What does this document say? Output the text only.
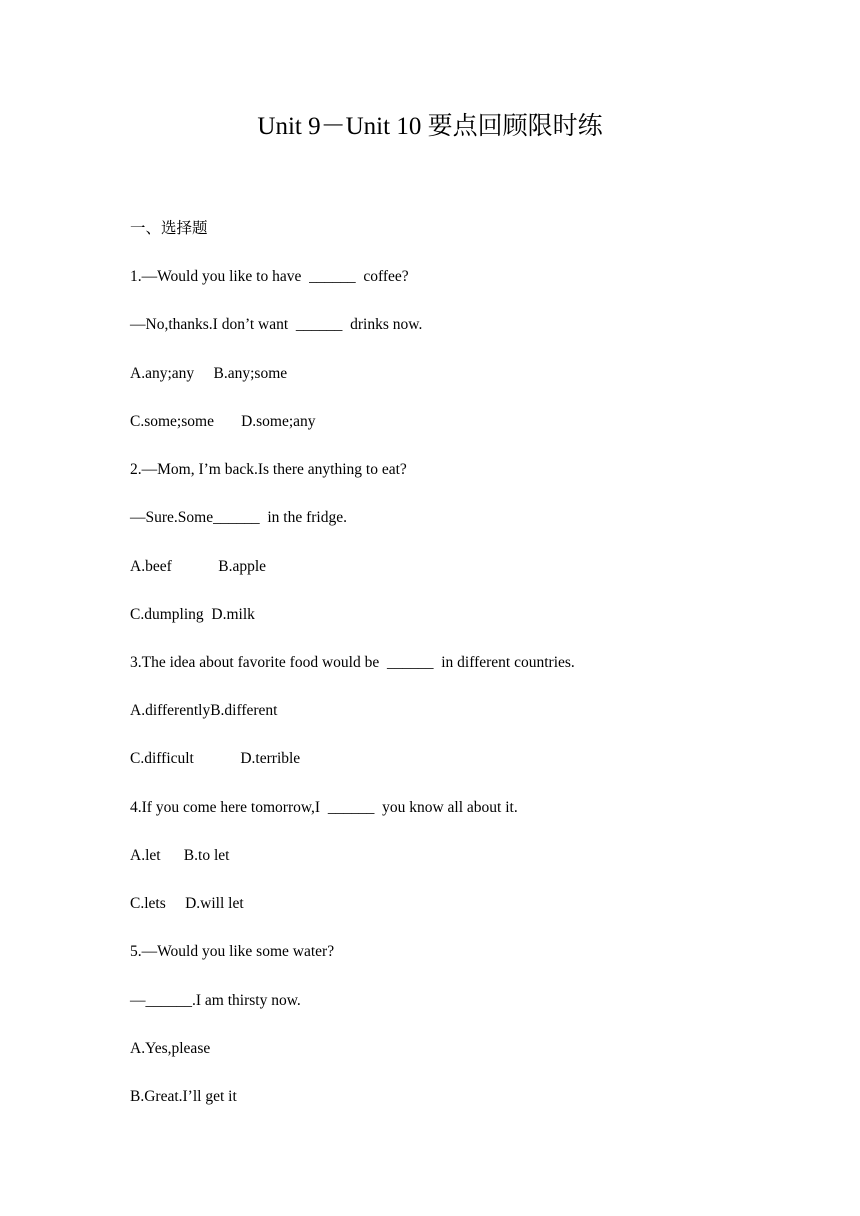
Unit 9－Unit 10 要点回顾限时练
一、选择题
1.—Would you like to have  ______  coffee?
—No,thanks.I don’t want  ______  drinks now.
A.any;any     B.any;some
C.some;some       D.some;any
2.—Mom, I’m back.Is there anything to eat?
—Sure.Some______  in the fridge.
A.beef            B.apple
C.dumpling  D.milk
3.The idea about favorite food would be  ______  in different countries.
A.differentlyB.different
C.difficult            D.terrible
4.If you come here tomorrow,I  ______  you know all about it.
A.let      B.to let
C.lets     D.will let
5.—Would you like some water?
—______.I am thirsty now.
A.Yes,please
B.Great.I’ll get it
